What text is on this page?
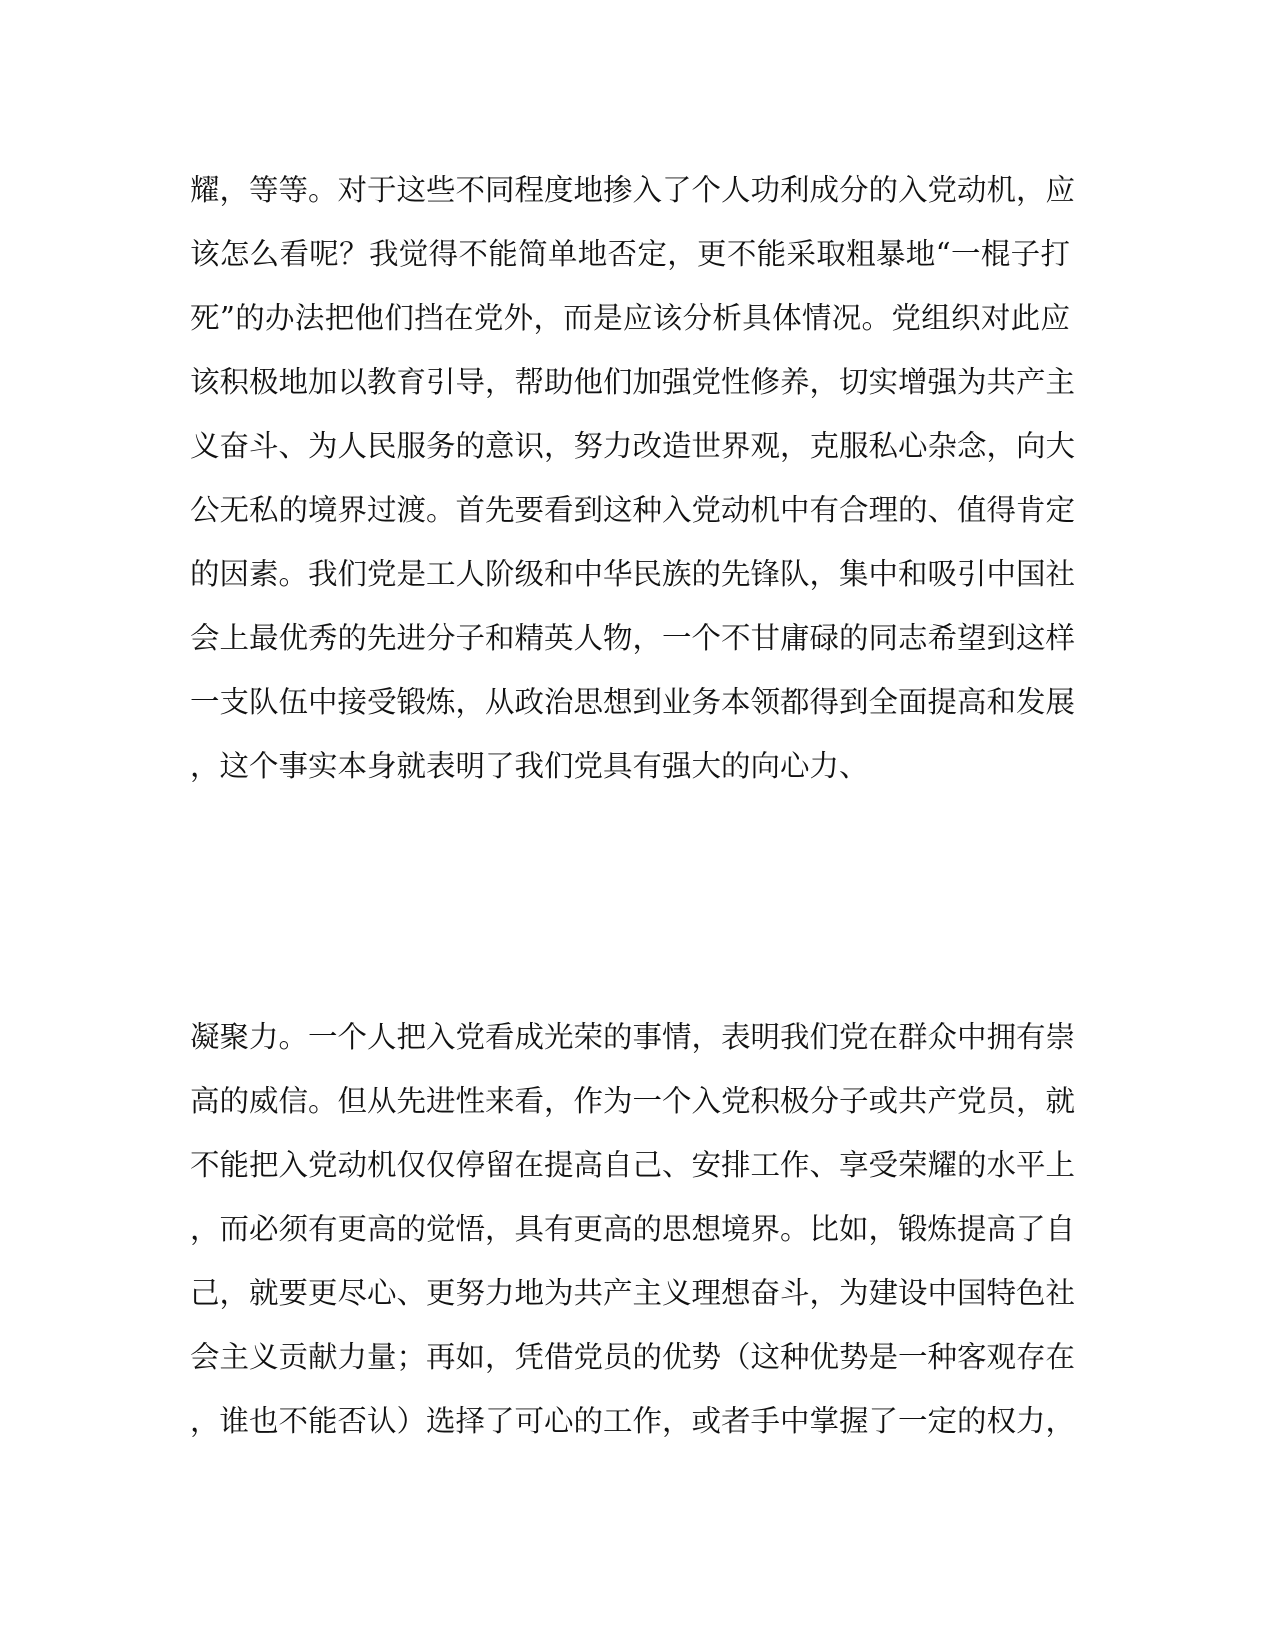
耀，等等。对于这些不同程度地掺入了个人功利成分的入党动机，应
该怎么看呢？我觉得不能简单地否定，更不能采取粗暴地“一棍子打
死”的办法把他们挡在党外，而是应该分析具体情况。党组织对此应
该积极地加以教育引导，帮助他们加强党性修养，切实增强为共产主
义奋斗、为人民服务的意识，努力改造世界观，克服私心杂念，向大
公无私的境界过渡。首先要看到这种入党动机中有合理的、值得肯定
的因素。我们党是工人阶级和中华民族的先锋队，集中和吸引中国社
会上最优秀的先进分子和精英人物，一个不甘庸碌的同志希望到这样
一支队伍中接受锻炼，从政治思想到业务本领都得到全面提高和发展
，这个事实本身就表明了我们党具有强大的向心力、
凝聚力。一个人把入党看成光荣的事情，表明我们党在群众中拥有崇
高的威信。但从先进性来看，作为一个入党积极分子或共产党员，就
不能把入党动机仅仅停留在提高自己、安排工作、享受荣耀的水平上
，而必须有更高的觉悟，具有更高的思想境界。比如，锻炼提高了自
己，就要更尽心、更努力地为共产主义理想奋斗，为建设中国特色社
会主义贡献力量；再如，凭借党员的优势（这种优势是一种客观存在
，谁也不能否认）选择了可心的工作，或者手中掌握了一定的权力，
